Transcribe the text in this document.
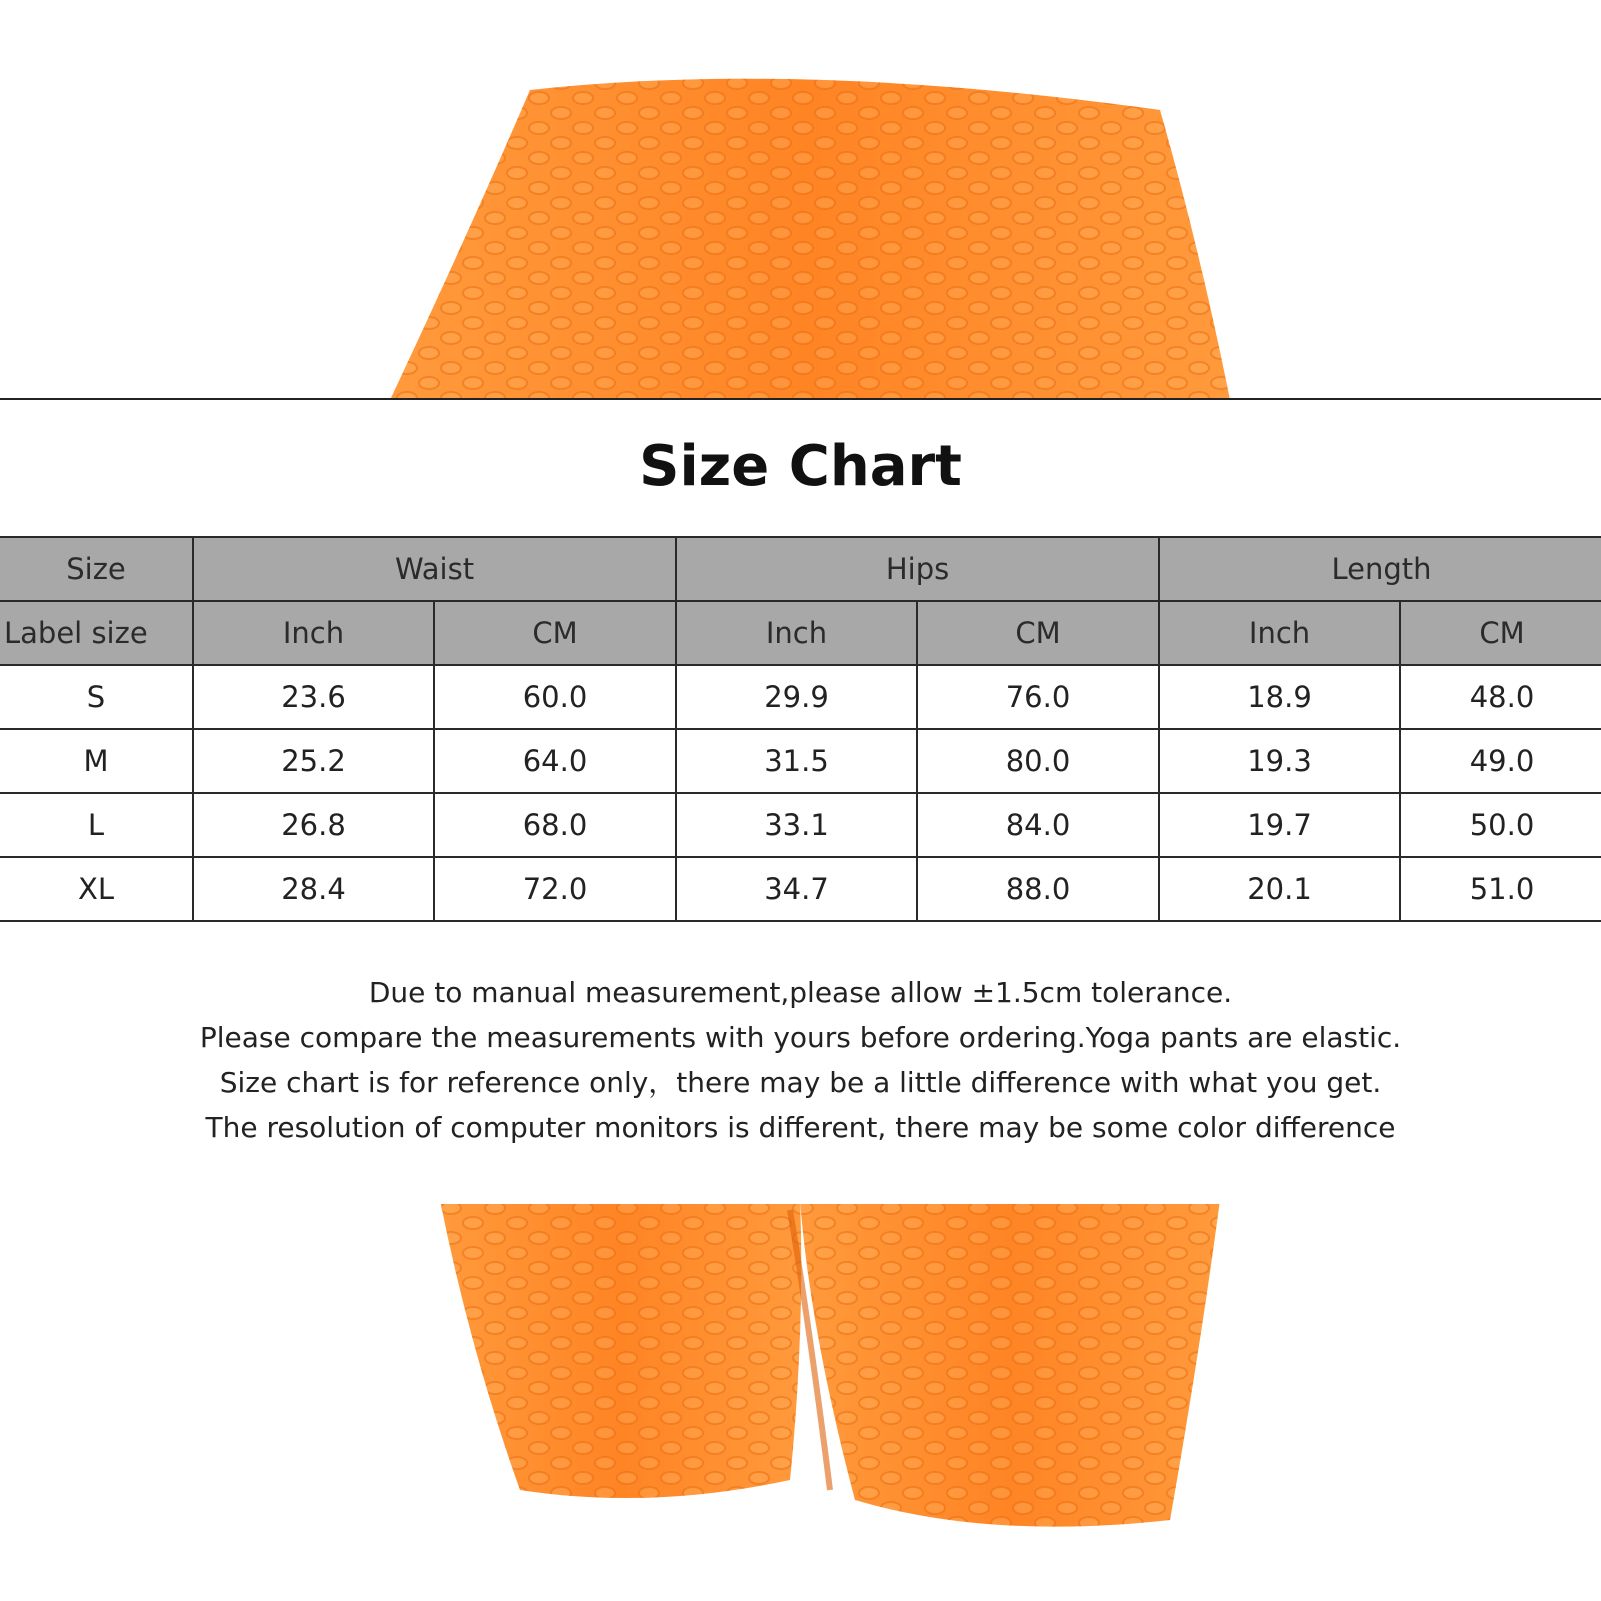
Size Chart
Size	Waist		Hips		Length	
Label size	Inch	CM	Inch	CM	Inch	CM
S	23.6	60.0	29.9	76.0	18.9	48.0
M	25.2	64.0	31.5	80.0	19.3	49.0
L	26.8	68.0	33.1	84.0	19.7	50.0
XL	28.4	72.0	34.7	88.0	20.1	51.0
Due to manual measurement,please allow ±1.5cm tolerance.
Please compare the measurements with yours before ordering.Yoga pants are elastic.
Size chart is for reference only，there may be a little difference with what you get.
The resolution of computer monitors is different, there may be some color difference
